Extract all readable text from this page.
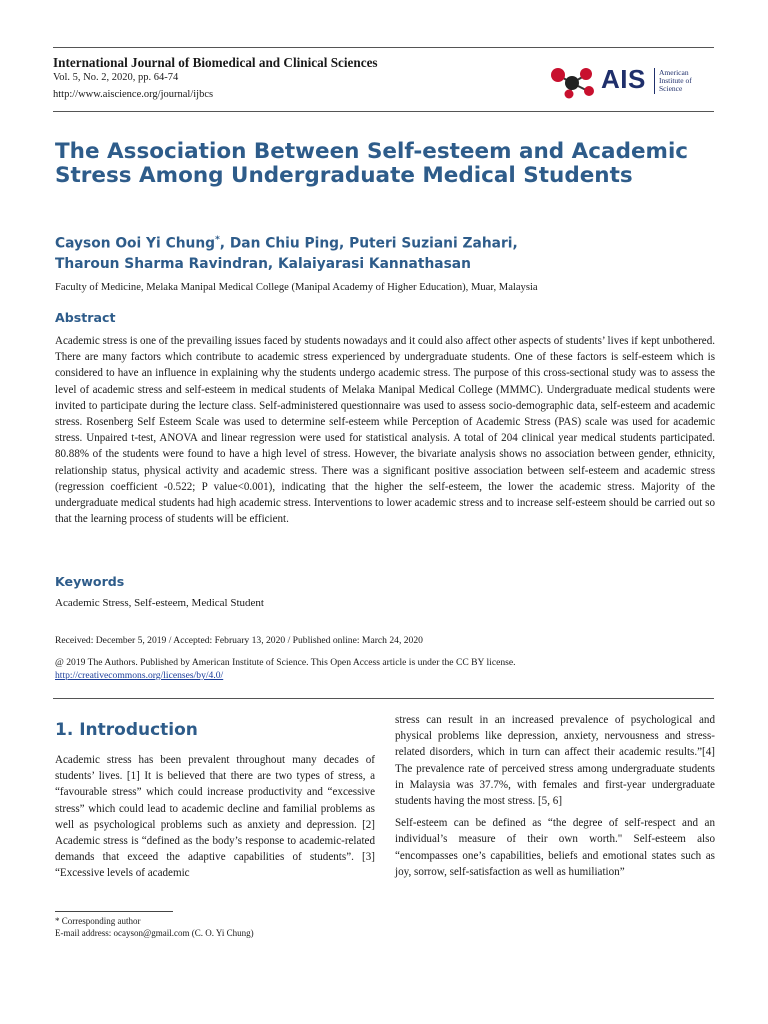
International Journal of Biomedical and Clinical Sciences
Vol. 5, No. 2, 2020, pp. 64-74
http://www.aiscience.org/journal/ijbcs
AIS American
Institute of
Science
The Association Between Self-esteem and Academic Stress Among Undergraduate Medical Students
Cayson Ooi Yi Chung*, Dan Chiu Ping, Puteri Suziani Zahari,
Tharoun Sharma Ravindran, Kalaiyarasi Kannathasan
Faculty of Medicine, Melaka Manipal Medical College (Manipal Academy of Higher Education), Muar, Malaysia
Abstract
Academic stress is one of the prevailing issues faced by students nowadays and it could also affect other aspects of students’ lives if kept unbothered. There are many factors which contribute to academic stress experienced by undergraduate students. One of these factors is self-esteem which is considered to have an influence in explaining why the students undergo academic stress. The purpose of this cross-sectional study was to assess the level of academic stress and self-esteem in medical students of Melaka Manipal Medical College (MMMC). Undergraduate medical students were invited to participate during the lecture class. Self-administered questionnaire was used to assess socio-demographic data, self-esteem and academic stress. Rosenberg Self Esteem Scale was used to determine self-esteem while Perception of Academic Stress (PAS) scale was used for academic stress. Unpaired t-test, ANOVA and linear regression were used for statistical analysis. A total of 204 clinical year medical students participated. 80.88% of the students were found to have a high level of stress. However, the bivariate analysis shows no association between gender, ethnicity, relationship status, physical activity and academic stress. There was a significant positive association between self-esteem and academic stress (regression coefficient -0.522; P value<0.001), indicating that the higher the self-esteem, the lower the academic stress. Majority of the undergraduate medical students had high academic stress. Interventions to lower academic stress and to increase self-esteem should be carried out so that the learning process of students will be efficient.
Keywords
Academic Stress, Self-esteem, Medical Student
Received: December 5, 2019 / Accepted: February 13, 2020 / Published online: March 24, 2020
@ 2019 The Authors. Published by American Institute of Science. This Open Access article is under the CC BY license.
http://creativecommons.org/licenses/by/4.0/
1. Introduction

Academic stress has been prevalent throughout many decades of students’ lives. [1] It is believed that there are two types of stress, a “favourable stress” which could increase productivity and “excessive stress” which could lead to academic decline and familial problems as well as psychological problems such as anxiety and depression. [2] Academic stress is “defined as the body’s response to academic-related demands that exceed the adaptive capabilities of students”. [3] “Excessive levels of academic

stress can result in an increased prevalence of psychological and physical problems like depression, anxiety, nervousness and stress-related disorders, which in turn can affect their academic results.”[4] The prevalence rate of perceived stress among undergraduate students in Malaysia was 37.7%, with females and first-year undergraduate students having the most stress. [5, 6]

Self-esteem can be defined as “the degree of self-respect and an individual’s measure of their own worth." Self-esteem also “encompasses one’s capabilities, beliefs and emotional states such as joy, sorrow, self-satisfaction as well as humiliation”

* Corresponding author
E-mail address: ocayson@gmail.com (C. O. Yi Chung)
